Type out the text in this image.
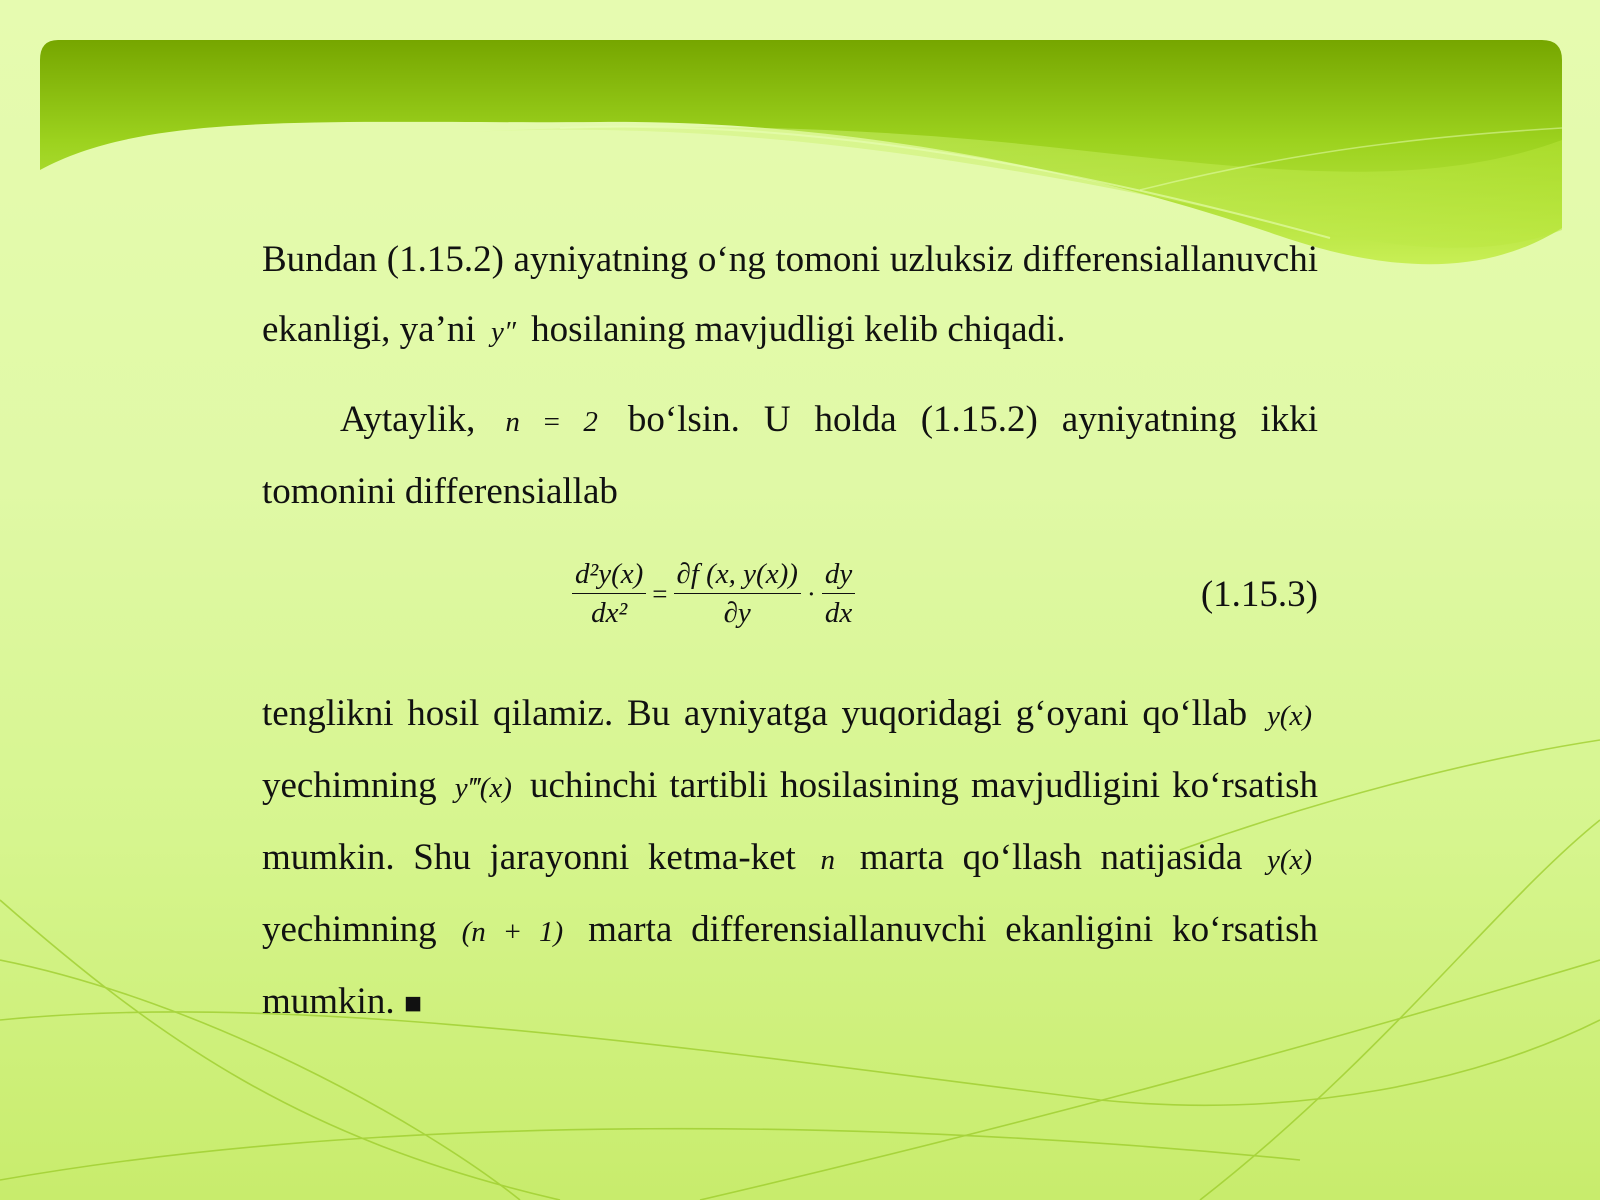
Bundan (1.15.2) ayniyatning o‘ng tomoni uzluksiz differensiallanuvchi ekanligi, ya’ni y″ hosilaning mavjudligi kelib chiqadi.

Aytaylik, n = 2 bo‘lsin. U holda (1.15.2) ayniyatning ikki tomonini differensiallab

$\frac{\text{d²y(x)}}{\text{dx²}} = \frac{\partial f (x, y(x))}{\partial y} \cdot \frac{dy}{dx}$	(1.15.3)

tenglikni hosil qilamiz. Bu ayniyatga yuqoridagi g‘oyani qo‘llab y(x) yechimning y‴(x) uchinchi tartibli hosilasining mavjudligini ko‘rsatish mumkin. Shu jarayonni ketma-ket n marta qo‘llash natijasida y(x) yechimning (n + 1) marta differensiallanuvchi ekanligini ko‘rsatish mumkin. ■
